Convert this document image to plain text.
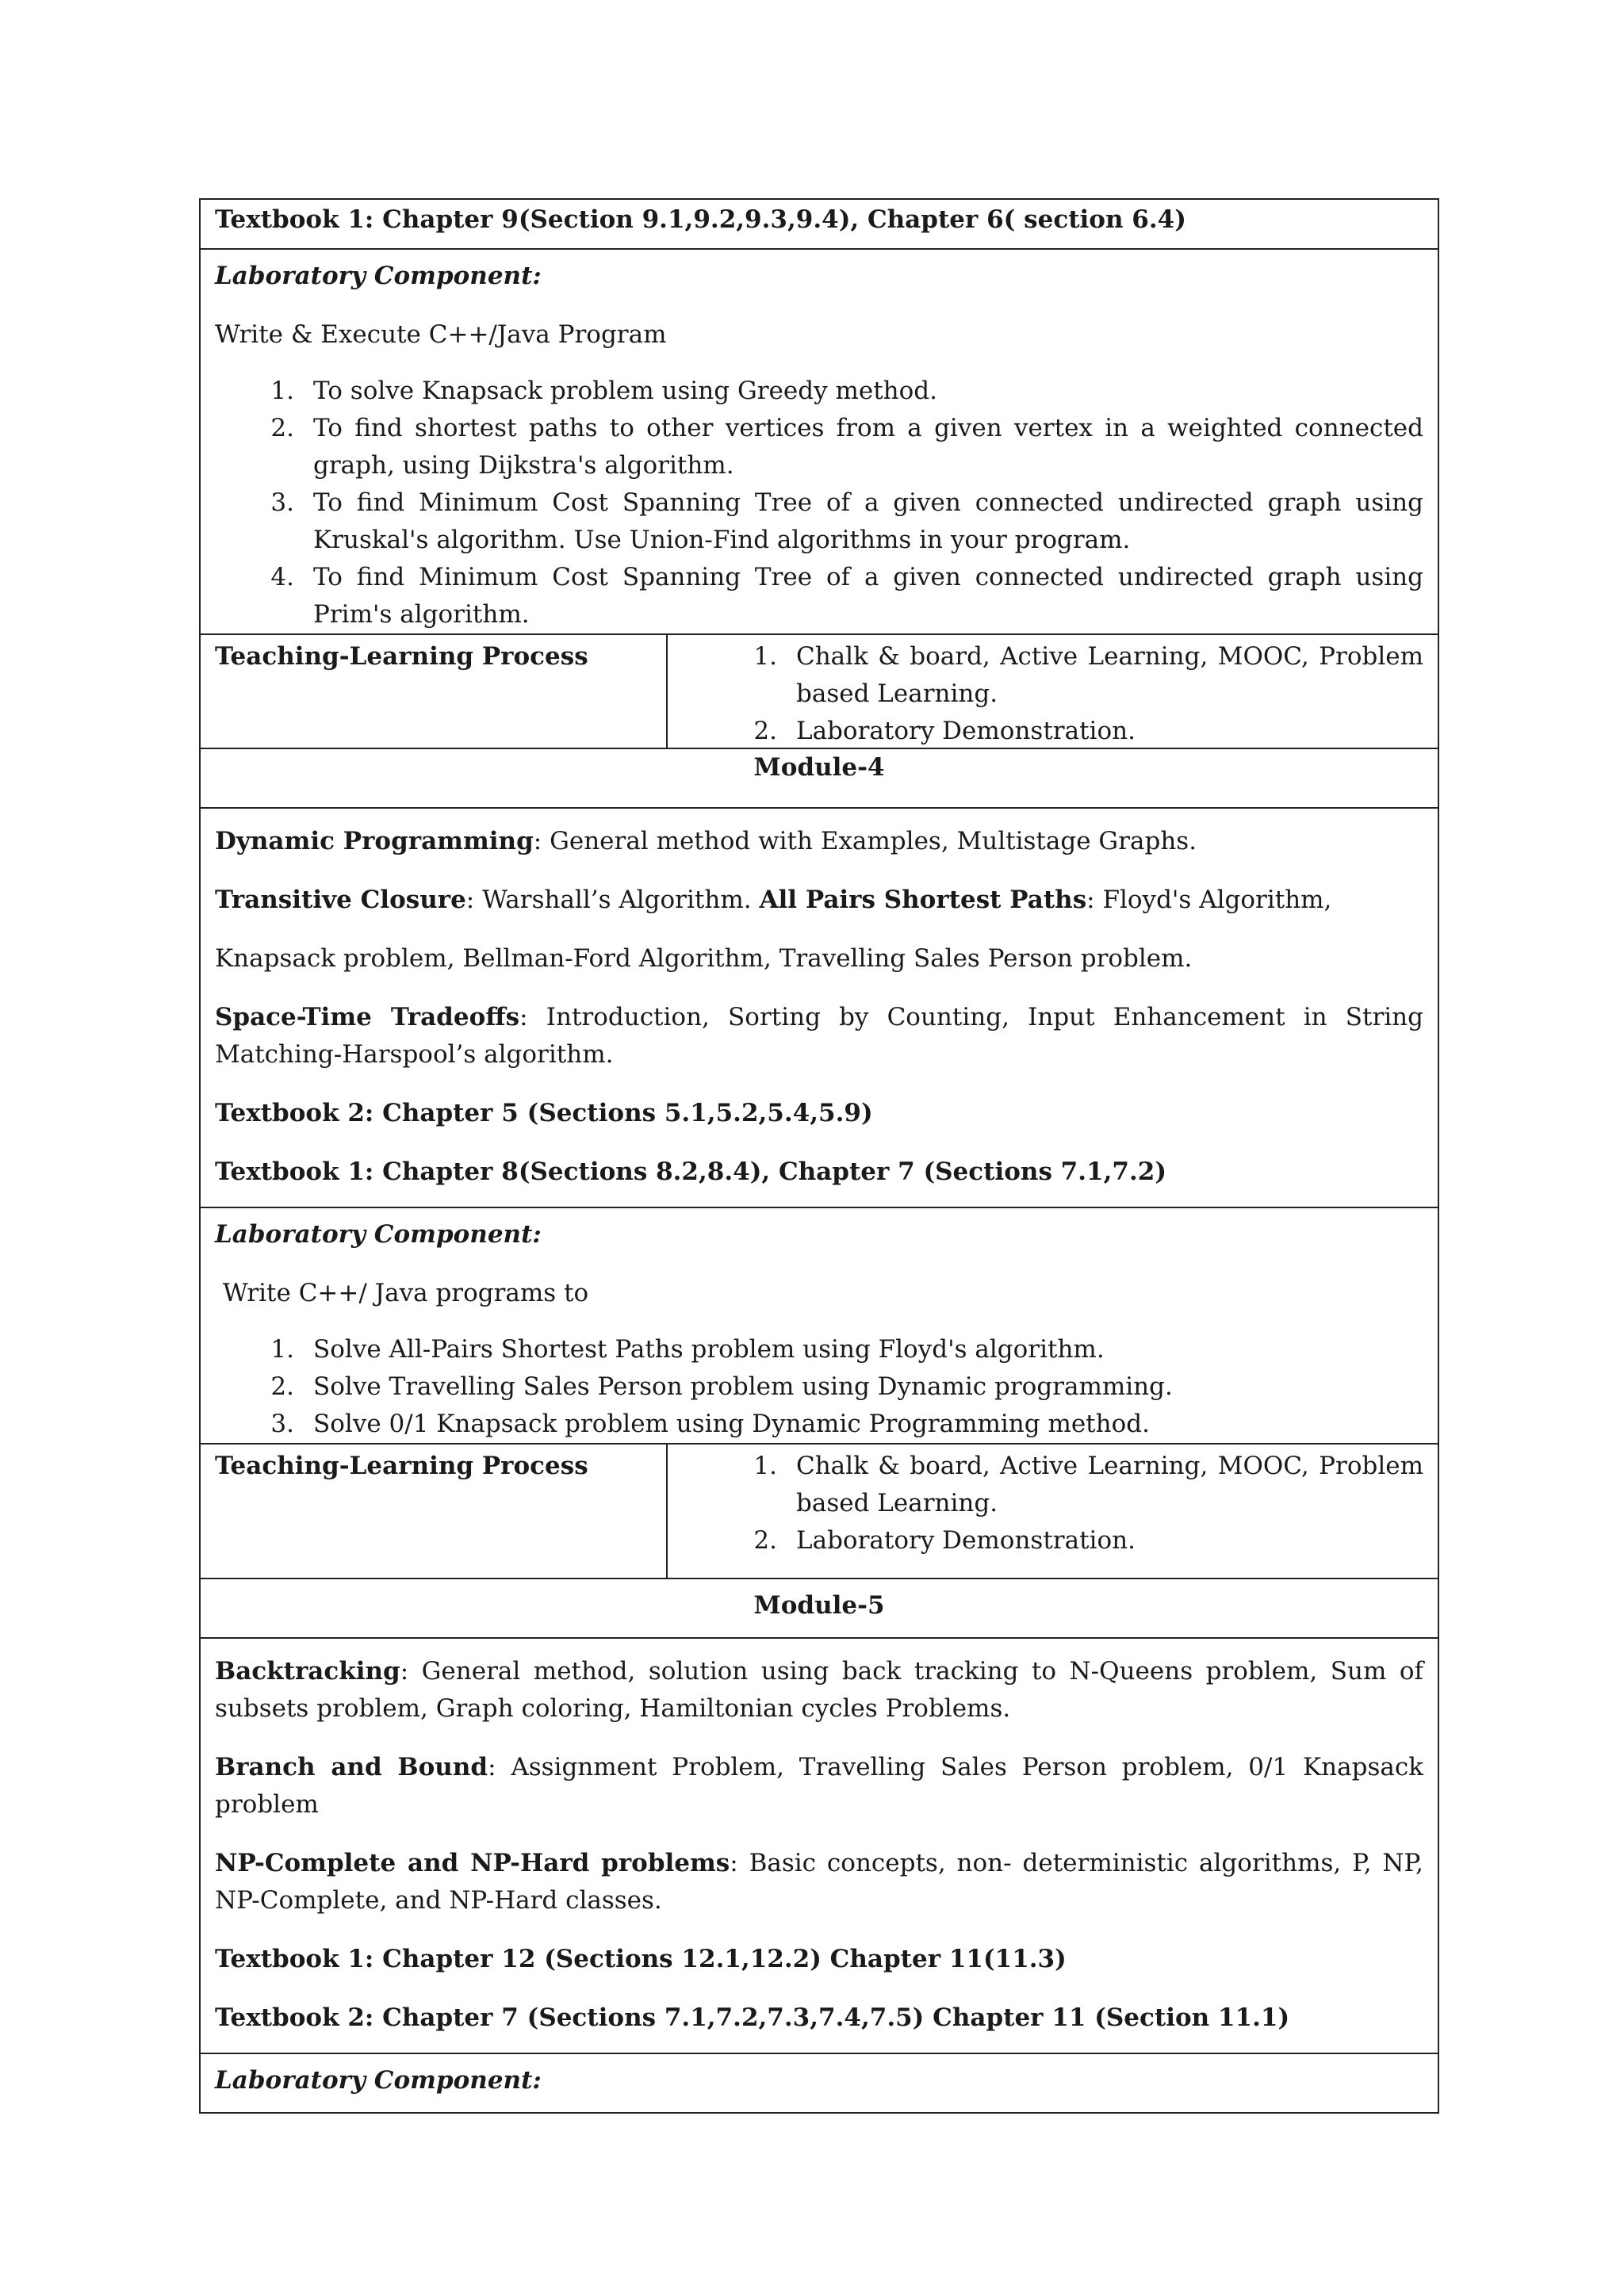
Textbook 1: Chapter 9(Section 9.1,9.2,9.3,9.4), Chapter 6( section 6.4)

Laboratory Component:

Write & Execute C++/Java Program

1. To solve Knapsack problem using Greedy method.
2. To find shortest paths to other vertices from a given vertex in a weighted connected graph, using Dijkstra's algorithm.
3. To find Minimum Cost Spanning Tree of a given connected undirected graph using Kruskal's algorithm. Use Union-Find algorithms in your program.
4. To find Minimum Cost Spanning Tree of a given connected undirected graph using Prim's algorithm.
Teaching-Learning Process	1. Chalk & board, Active Learning, MOOC, Problem based Learning.
2. Laboratory Demonstration.
Module-4

Dynamic Programming: General method with Examples, Multistage Graphs.

Transitive Closure: Warshall’s Algorithm. All Pairs Shortest Paths: Floyd's Algorithm,

Knapsack problem, Bellman-Ford Algorithm, Travelling Sales Person problem.

Space-Time Tradeoffs: Introduction, Sorting by Counting, Input Enhancement in String Matching-Harspool’s algorithm.

Textbook 2: Chapter 5 (Sections 5.1,5.2,5.4,5.9)

Textbook 1: Chapter 8(Sections 8.2,8.4), Chapter 7 (Sections 7.1,7.2)

Laboratory Component:

Write C++/ Java programs to

1. Solve All-Pairs Shortest Paths problem using Floyd's algorithm.
2. Solve Travelling Sales Person problem using Dynamic programming.
3. Solve 0/1 Knapsack problem using Dynamic Programming method.
Teaching-Learning Process	1. Chalk & board, Active Learning, MOOC, Problem based Learning.
2. Laboratory Demonstration.
Module-5

Backtracking: General method, solution using back tracking to N-Queens problem, Sum of subsets problem, Graph coloring, Hamiltonian cycles Problems.

Branch and Bound: Assignment Problem, Travelling Sales Person problem, 0/1 Knapsack problem

NP-Complete and NP-Hard problems: Basic concepts, non- deterministic algorithms, P, NP, NP-Complete, and NP-Hard classes.

Textbook 1: Chapter 12 (Sections 12.1,12.2) Chapter 11(11.3)

Textbook 2: Chapter 7 (Sections 7.1,7.2,7.3,7.4,7.5) Chapter 11 (Section 11.1)

Laboratory Component:
